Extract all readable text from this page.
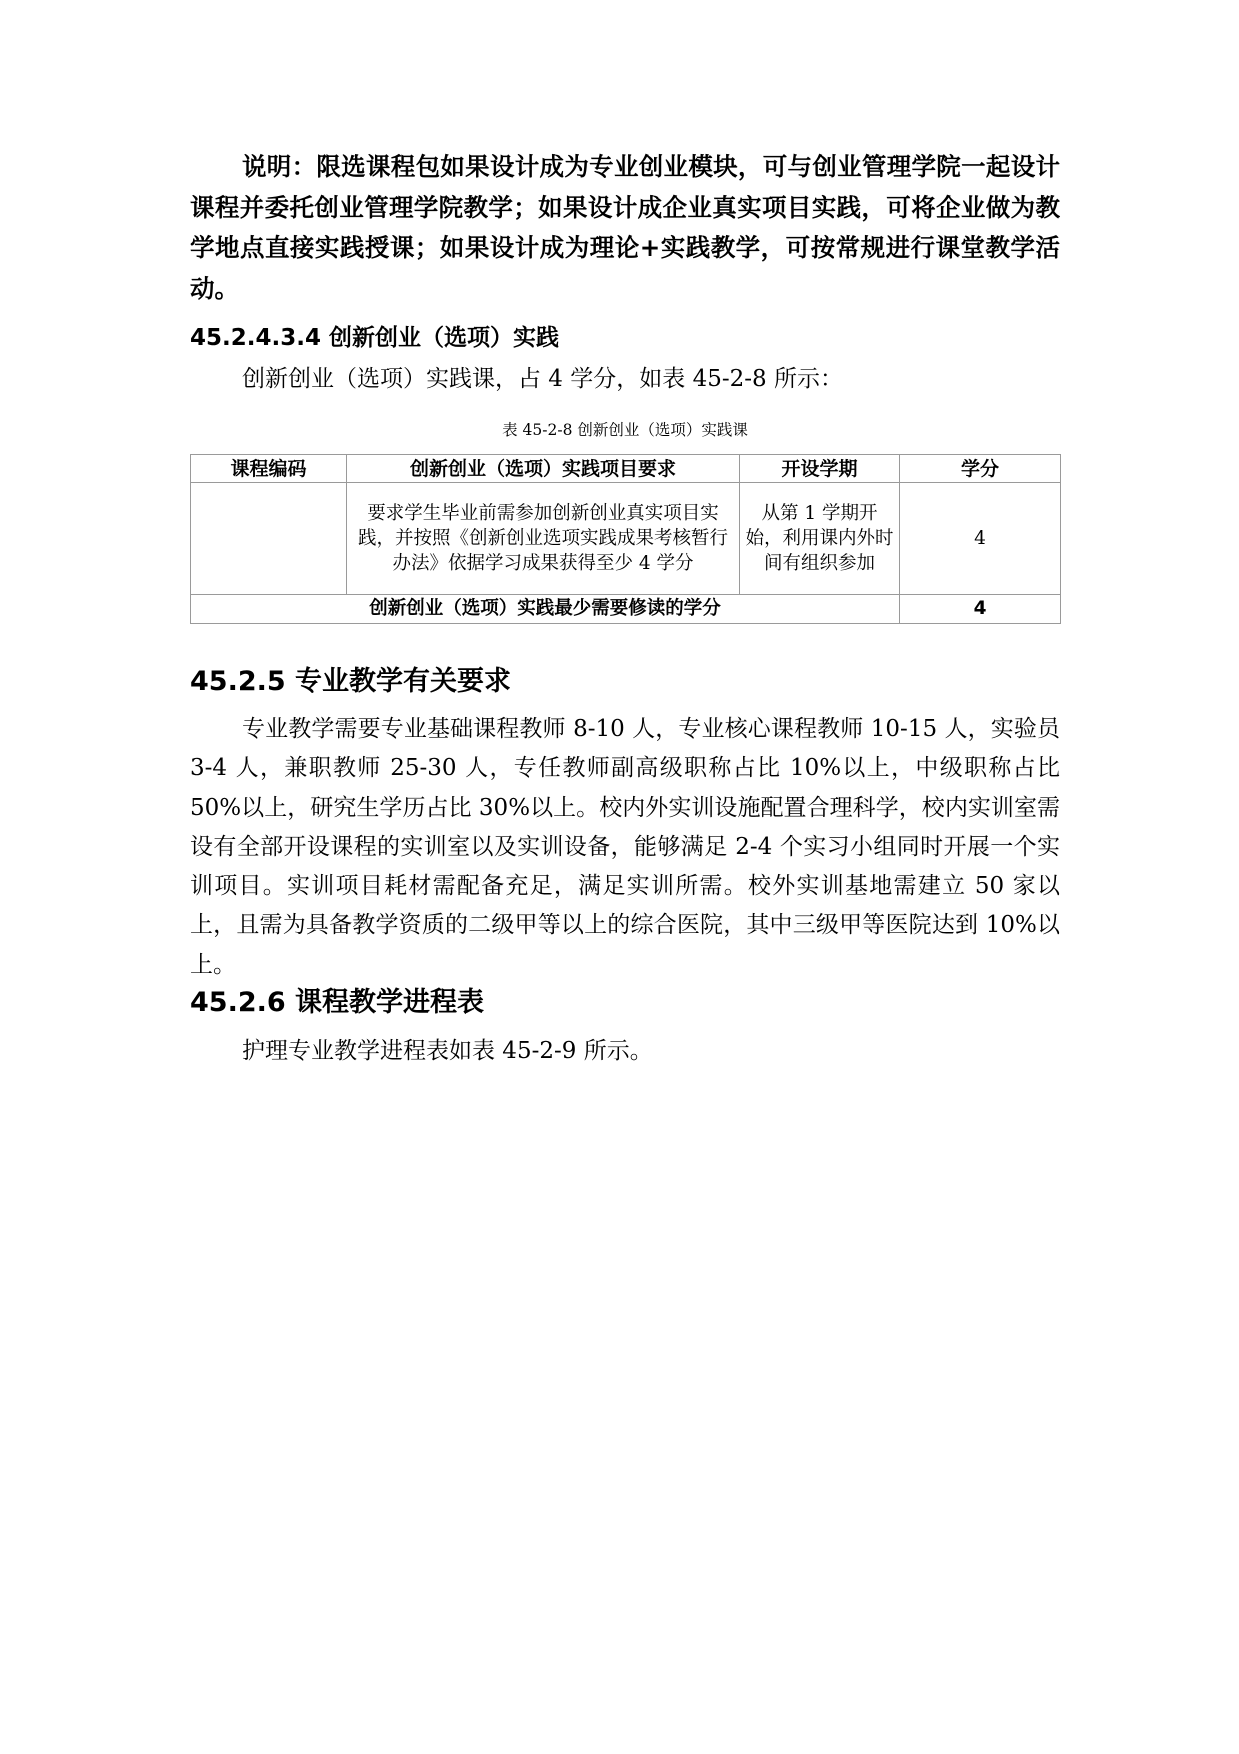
说明：限选课程包如果设计成为专业创业模块，可与创业管理学院一起设计课程并委托创业管理学院教学；如果设计成企业真实项目实践，可将企业做为教学地点直接实践授课；如果设计成为理论+实践教学，可按常规进行课堂教学活动。

45.2.4.3.4 创新创业（选项）实践

创新创业（选项）实践课，占 4 学分，如表 45-2-8 所示：

表 45-2-8 创新创业（选项）实践课

课程编码	创新创业（选项）实践项目要求	开设学期	学分
	要求学生毕业前需参加创新创业真实项目实践，并按照《创新创业选项实践成果考核暂行办法》依据学习成果获得至少 4 学分	从第 1 学期开始，利用课内外时间有组织参加	4
创新创业（选项）实践最少需要修读的学分			4
45.2.5 专业教学有关要求

专业教学需要专业基础课程教师 8-10 人，专业核心课程教师 10-15 人，实验员 3-4 人，兼职教师 25-30 人，专任教师副高级职称占比 10%以上，中级职称占比 50%以上，研究生学历占比 30%以上。校内外实训设施配置合理科学，校内实训室需设有全部开设课程的实训室以及实训设备，能够满足 2-4 个实习小组同时开展一个实训项目。实训项目耗材需配备充足，满足实训所需。校外实训基地需建立 50 家以上，且需为具备教学资质的二级甲等以上的综合医院，其中三级甲等医院达到 10%以上。

45.2.6 课程教学进程表

护理专业教学进程表如表 45-2-9 所示。
